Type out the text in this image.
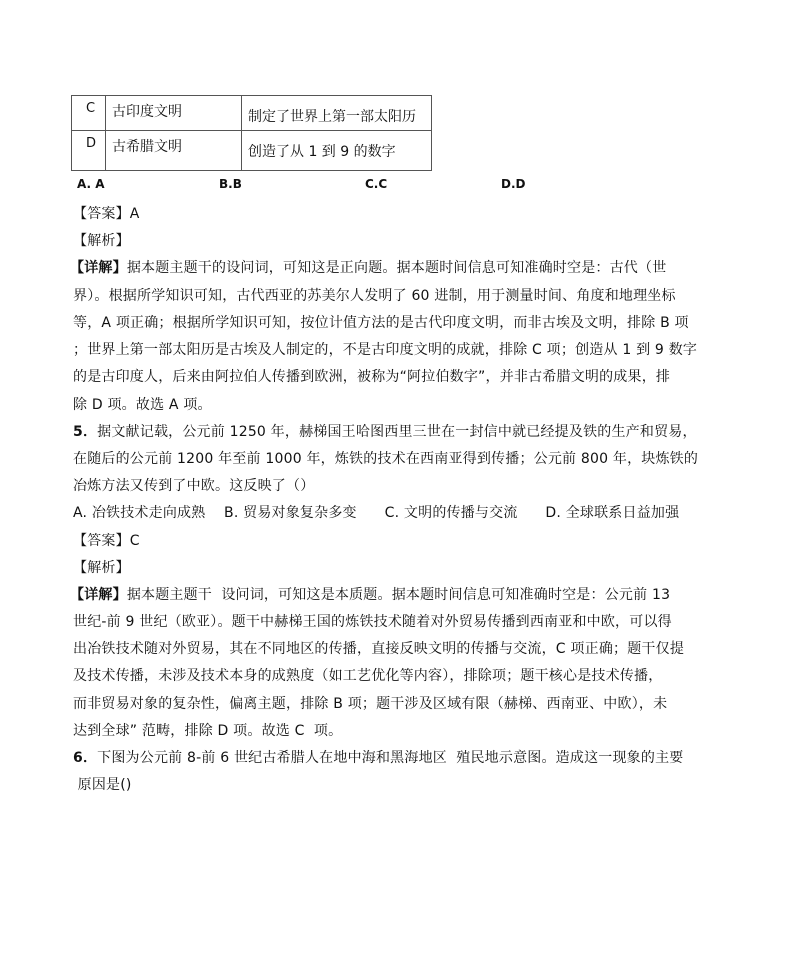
C	古印度文明	制定了世界上第一部太阳历
D	古希腊文明	创造了从 1 到 9 的数字
A. A	B.B	C.C	D.D
【答案】A
【解析】
【详解】据本题主题干的设问词，可知这是正向题。据本题时间信息可知准确时空是：古代（世
界）。根据所学知识可知，古代西亚的苏美尔人发明了 60 进制，用于测量时间、角度和地理坐标
等，A 项正确；根据所学知识可知，按位计值方法的是古代印度文明，而非古埃及文明，排除 B 项
；世界上第一部太阳历是古埃及人制定的，不是古印度文明的成就，排除 C 项；创造从 1 到 9 数字
的是古印度人，后来由阿拉伯人传播到欧洲，被称为“阿拉伯数字”，并非古希腊文明的成果，排
除 D 项。故选 A 项。
5．据文献记载，公元前 1250 年，赫梯国王哈图西里三世在一封信中就已经提及铁的生产和贸易，
在随后的公元前 1200 年至前 1000 年，炼铁的技术在西南亚得到传播；公元前 800 年，块炼铁的
冶炼方法又传到了中欧。这反映了（）
A. 冶铁技术走向成熟    B. 贸易对象复杂多变      C. 文明的传播与交流      D. 全球联系日益加强
【答案】C
【解析】
【详解】据本题主题干  设问词，可知这是本质题。据本题时间信息可知准确时空是：公元前 13
世纪-前 9 世纪（欧亚）。题干中赫梯王国的炼铁技术随着对外贸易传播到西南亚和中欧，可以得
出冶铁技术随对外贸易，其在不同地区的传播，直接反映文明的传播与交流，C 项正确；题干仅提
及技术传播，未涉及技术本身的成熟度（如工艺优化等内容），排除项；题干核心是技术传播，
而非贸易对象的复杂性，偏离主题，排除 B 项；题干涉及区域有限（赫梯、西南亚、中欧），未
达到全球” 范畴，排除 D 项。故选 C  项。
6．下图为公元前 8-前 6 世纪古希腊人在地中海和黑海地区  殖民地示意图。造成这一现象的主要
原因是()
